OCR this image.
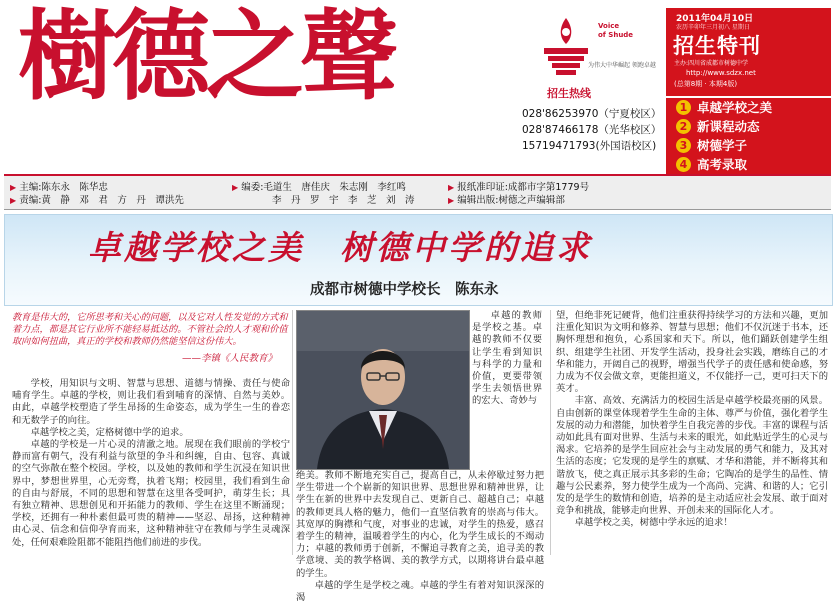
樹德之聲	Voice
of Shude
为伟大中华崛起 领跑卓越
招生热线
028'86253970（宁夏校区）
028'87466178（光华校区）
15719471793(外国语校区)
2011年04月10日
农历辛卯年三月初八 星期日
招生特刊
主办:四川省成都市树德中学
http://www.sdzx.net
(总第8期 · 本期4版)
1 卓越学校之美
2 新课程动态
3 树德学子
4 高考录取
▶ 主编:陈东永　陈华忠
▶ 责编:黄　静　邓　君　方　丹　谭洪先
▶ 编委:毛道生　唐佳庆　朱志刚　李红鸣
李　丹　罗　宇　李　芝　刘　涛
▶ 报纸准印证:成都市字第1779号
▶ 编辑出版:树德之声编辑部
卓越学校之美　树德中学的追求
成都市树德中学校长　陈东永
教育是伟大的，它所思考和关心的问题，以及它对人性发觉的方式和着力点，都是其它行业所不能轻易抵达的。不管社会的人才观和价值取向如何扭曲，真正的学校和教师仍然能坚信这份伟大。
——李镇《人民教育》

学校，用知识与文明、智慧与思想、道德与情操、责任与使命哺育学生。卓越的学校，则让我们看到哺育的深情、自然与美妙。由此，卓越学校塑造了学生昂扬的生命姿态，成为学生一生的眷恋和无数学子的向往。

卓越学校之美，定格树德中学的追求。

卓越的学校是一片心灵的清澈之地。展现在我们眼前的学校宁静而富有朝气，没有利益与欲望的争斗和纠缠，自由、包容、真诚的空气弥散在整个校园。学校，以及她的教师和学生沉浸在知识世界中，梦想世界里，心无旁骛，执着飞翔；校园里，我们看到生命的自由与舒展，不同的思想和智慧在这里各受呵护，萌芽生长；具有独立精神、思想创见和开拓能力的教师、学生在这里不断涌现；学校，还拥有一种朴素但最可贵的精神——坚忍、昂扬，这种精神由心灵、信念和信仰孕育而来，这种精神驻守在教师与学生灵魂深处，任何艰难险阻都不能阻挡他们前进的步伐。

卓越的教师是学校之基。卓越的教师不仅要让学生看到知识与科学的力量和价值，更要带领学生去领悟世界的宏大、奇妙与

绝美。教师不断地充实自己，提高自己，从未停歇过努力把学生带进一个个崭新的知识世界、思想世界和精神世界，让学生在新的世界中去发现自己、更新自己、超越自己；卓越的教师更具人格的魅力，他们一直坚信教育的崇高与伟大。其宽厚的胸襟和气度，对事业的忠诚，对学生的热爱，感召着学生的精神，温暖着学生的内心，化为学生成长的不竭动力；卓越的教师勇于创新，不懈追寻教育之美，追寻美的教学意境、美的教学格调、美的教学方式，以期将讲台最卓越的学生。

卓越的学生是学校之魂。卓越的学生有着对知识深深的渴

望，但绝非死记硬背，他们注重获得持续学习的方法和兴趣，更加注重化知识为文明和修养、智慧与思想；他们不仅沉迷于书本，还胸怀理想和抱负，心系国家和天下。所以，他们踊跃创建学生组织、组建学生社团、开发学生活动，投身社会实践，磨练自己的才华和能力，开阔自己的视野，增强当代学子的责任感和使命感，努力成为不仅会做文章，更能担道义，不仅能抒一己，更可扫天下的英才。

丰富、高效、充满活力的校园生活是卓越学校最亮丽的风景。自由创新的课堂体现着学生生命的主体、尊严与价值，强化着学生发展的动力和潜能，加快着学生自我完善的步伐。丰富的课程与活动如此具有面对世界、生活与未来的眼光，如此贴近学生的心灵与渴求。它培养的是学生回应社会与主动发展的勇气和能力，及其对生活的态度；它发现的是学生的禀赋、才华和潜能，并不断将其和谐放飞，使之真正展示其多彩的生命；它陶冶的是学生的品性、情趣与公民素养，努力使学生成为一个高尚、完满、和谐的人；它引发的是学生的数情和创造，培养的是主动适应社会发展、敢于面对竞争和挑战，能够走向世界、开创未来的国际化人才。

卓越学校之美，树德中学永远的追求！
